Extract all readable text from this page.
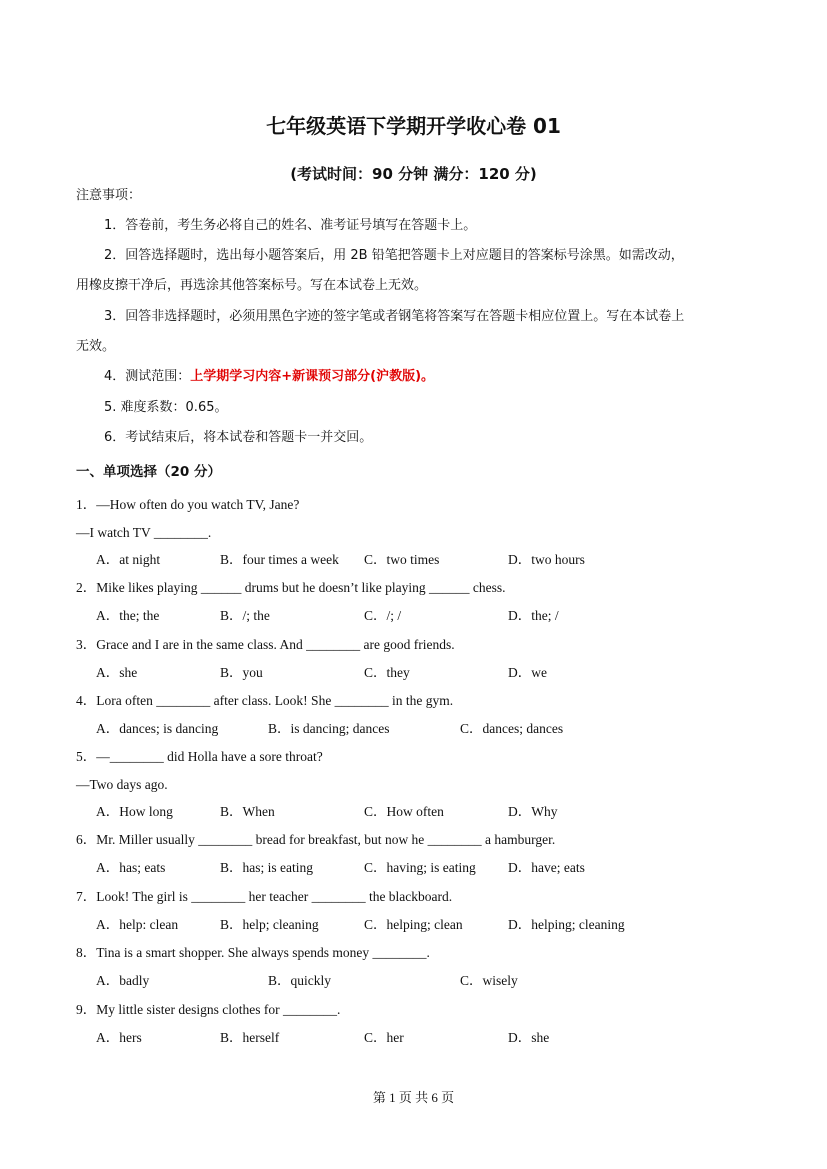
七年级英语下学期开学收心卷 01
(考试时间：90 分钟 满分：120 分)
注意事项：
1．答卷前，考生务必将自己的姓名、准考证号填写在答题卡上。
2．回答选择题时，选出每小题答案后，用 2B 铅笔把答题卡上对应题目的答案标号涂黑。如需改动，
用橡皮擦干净后，再选涂其他答案标号。写在本试卷上无效。
3．回答非选择题时，必须用黑色字迹的签字笔或者钢笔将答案写在答题卡相应位置上。写在本试卷上
无效。
4．测试范围：上学期学习内容+新课预习部分(沪教版)。
5. 难度系数：0.65。
6．考试结束后，将本试卷和答题卡一并交回。
一、单项选择（20 分）
1．—How often do you watch TV, Jane?
—I watch TV ________.
A．at night	B．four times a week C．two times	D．two hours
2．Mike likes playing ______ drums but he doesn’t like playing ______ chess.
A．the; the	B．/; the	C．/; /	D．the; /
3．Grace and I are in the same class. And ________ are good friends.
A．she	B．you	C．they	D．we
4．Lora often ________ after class. Look! She ________ in the gym.
A．dances; is dancing	B．is dancing; dances	C．dances; dances
5．—________ did Holla have a sore throat?
—Two days ago.
A．How long	B．When	C．How often	D．Why
6．Mr. Miller usually ________ bread for breakfast, but now he ________ a hamburger.
A．has; eats	B．has; is eating	C．having; is eating D．have; eats
7．Look! The girl is ________ her teacher ________ the blackboard.
A．help: clean	B．help; cleaning	C．helping; clean	D．helping; cleaning
8．Tina is a smart shopper. She always spends money ________.
A．badly	B．quickly	C．wisely
9．My little sister designs clothes for ________.
A．hers	B．herself	C．her	D．she
第 1 页 共 6 页
